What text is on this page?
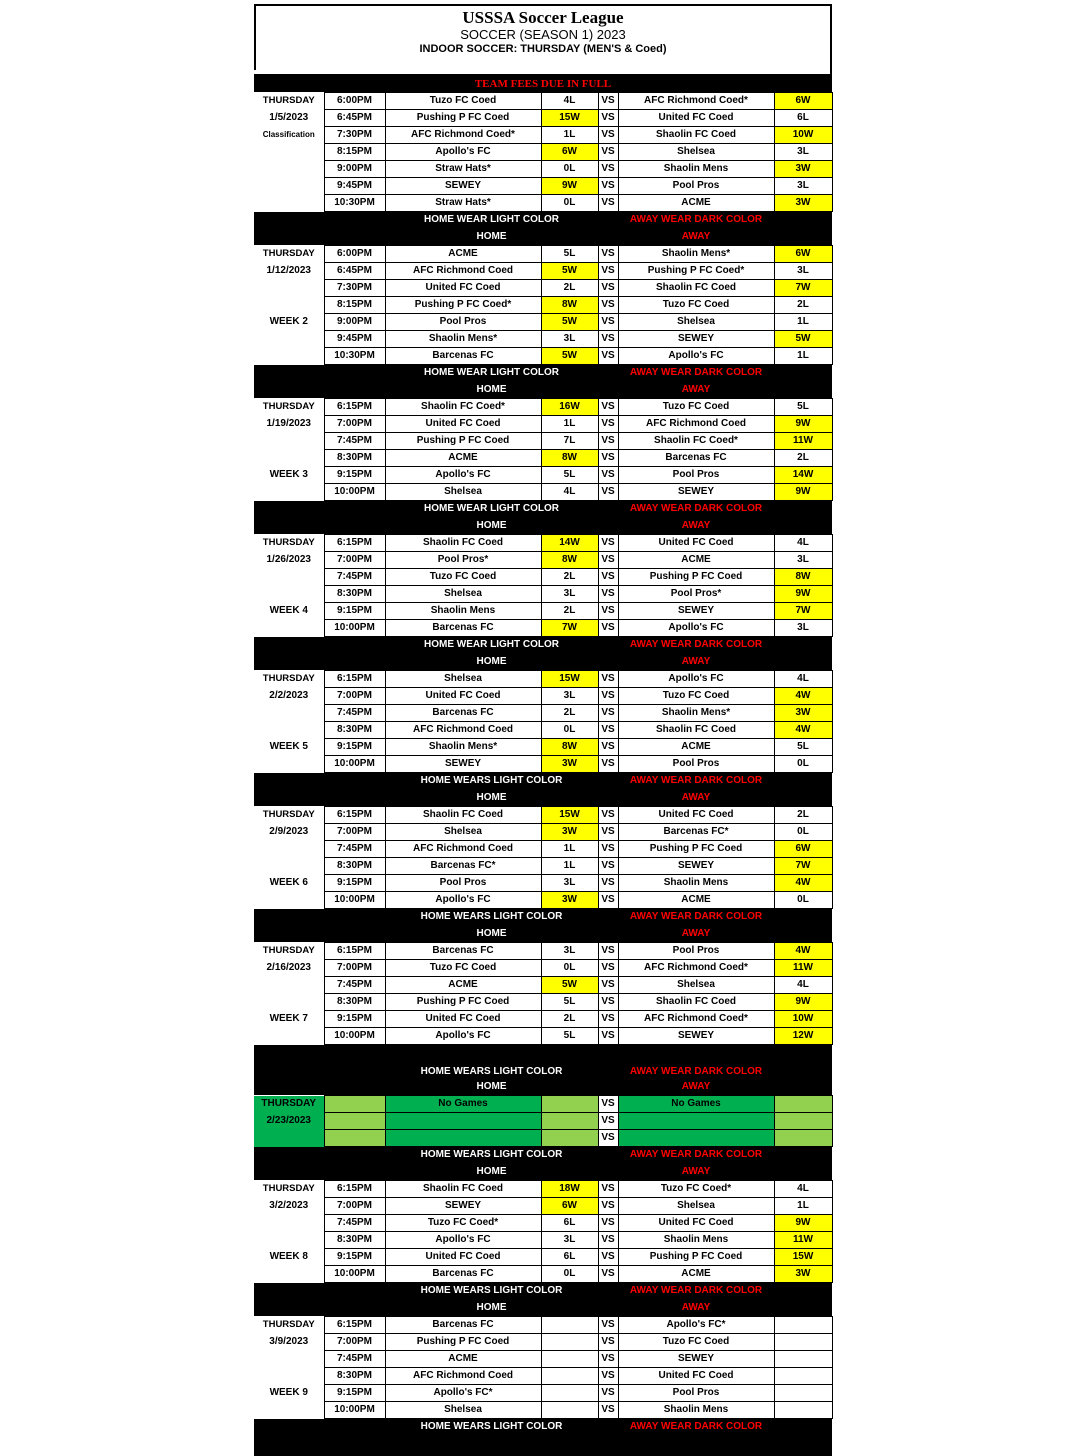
USSSA Soccer League
SOCCER (SEASON 1) 2023
INDOOR SOCCER: THURSDAY (MEN'S & Coed)
TEAM FEES DUE IN FULL
THURSDAY	6:00PM	Tuzo FC Coed	4L	VS	AFC Richmond Coed*	6W
1/5/2023	6:45PM	Pushing P FC Coed	15W	VS	United FC Coed	6L
Classification	7:30PM	AFC Richmond Coed*	1L	VS	Shaolin FC Coed	10W
	8:15PM	Apollo's FC	6W	VS	Shelsea	3L
	9:00PM	Straw Hats*	0L	VS	Shaolin Mens	3W
	9:45PM	SEWEY	9W	VS	Pool Pros	3L
	10:30PM	Straw Hats*	0L	VS	ACME	3W
		HOME WEAR LIGHT COLOR			AWAY WEAR DARK COLOR	
		HOME			AWAY	
THURSDAY	6:00PM	ACME	5L	VS	Shaolin Mens*	6W
1/12/2023	6:45PM	AFC Richmond Coed	5W	VS	Pushing P FC Coed*	3L
	7:30PM	United FC Coed	2L	VS	Shaolin FC Coed	7W
	8:15PM	Pushing P FC Coed*	8W	VS	Tuzo FC Coed	2L
WEEK 2	9:00PM	Pool Pros	5W	VS	Shelsea	1L
	9:45PM	Shaolin Mens*	3L	VS	SEWEY	5W
	10:30PM	Barcenas FC	5W	VS	Apollo's FC	1L
		HOME WEAR LIGHT COLOR			AWAY WEAR DARK COLOR	
		HOME			AWAY	
THURSDAY	6:15PM	Shaolin FC Coed*	16W	VS	Tuzo FC Coed	5L
1/19/2023	7:00PM	United FC Coed	1L	VS	AFC Richmond Coed	9W
	7:45PM	Pushing P FC Coed	7L	VS	Shaolin FC Coed*	11W
	8:30PM	ACME	8W	VS	Barcenas FC	2L
WEEK 3	9:15PM	Apollo's FC	5L	VS	Pool Pros	14W
	10:00PM	Shelsea	4L	VS	SEWEY	9W
		HOME WEAR LIGHT COLOR			AWAY WEAR DARK COLOR	
		HOME			AWAY	
THURSDAY	6:15PM	Shaolin FC Coed	14W	VS	United FC Coed	4L
1/26/2023	7:00PM	Pool Pros*	8W	VS	ACME	3L
	7:45PM	Tuzo FC Coed	2L	VS	Pushing P FC Coed	8W
	8:30PM	Shelsea	3L	VS	Pool Pros*	9W
WEEK 4	9:15PM	Shaolin Mens	2L	VS	SEWEY	7W
	10:00PM	Barcenas FC	7W	VS	Apollo's FC	3L
		HOME WEAR LIGHT COLOR			AWAY WEAR DARK COLOR	
		HOME			AWAY	
THURSDAY	6:15PM	Shelsea	15W	VS	Apollo's FC	4L
2/2/2023	7:00PM	United FC Coed	3L	VS	Tuzo FC Coed	4W
	7:45PM	Barcenas FC	2L	VS	Shaolin Mens*	3W
	8:30PM	AFC Richmond Coed	0L	VS	Shaolin FC Coed	4W
WEEK 5	9:15PM	Shaolin Mens*	8W	VS	ACME	5L
	10:00PM	SEWEY	3W	VS	Pool Pros	0L
		HOME WEARS LIGHT COLOR			AWAY WEAR DARK COLOR	
		HOME			AWAY	
THURSDAY	6:15PM	Shaolin FC Coed	15W	VS	United FC Coed	2L
2/9/2023	7:00PM	Shelsea	3W	VS	Barcenas FC*	0L
	7:45PM	AFC Richmond Coed	1L	VS	Pushing P FC Coed	6W
	8:30PM	Barcenas FC*	1L	VS	SEWEY	7W
WEEK 6	9:15PM	Pool Pros	3L	VS	Shaolin Mens	4W
	10:00PM	Apollo's FC	3W	VS	ACME	0L
		HOME WEARS LIGHT COLOR			AWAY WEAR DARK COLOR	
		HOME			AWAY	
THURSDAY	6:15PM	Barcenas FC	3L	VS	Pool Pros	4W
2/16/2023	7:00PM	Tuzo FC Coed	0L	VS	AFC Richmond Coed*	11W
	7:45PM	ACME	5W	VS	Shelsea	4L
	8:30PM	Pushing P FC Coed	5L	VS	Shaolin FC Coed	9W
WEEK 7	9:15PM	United FC Coed	2L	VS	AFC Richmond Coed*	10W
	10:00PM	Apollo's FC	5L	VS	SEWEY	12W
		HOME WEARS LIGHT COLOR			AWAY WEAR DARK COLOR	
		HOME			AWAY	
THURSDAY		No Games		VS	No Games	
2/23/2023				VS		
				VS		
		HOME WEARS LIGHT COLOR			AWAY WEAR DARK COLOR	
		HOME			AWAY	
THURSDAY	6:15PM	Shaolin FC Coed	18W	VS	Tuzo FC Coed*	4L
3/2/2023	7:00PM	SEWEY	6W	VS	Shelsea	1L
	7:45PM	Tuzo FC Coed*	6L	VS	United FC Coed	9W
	8:30PM	Apollo's FC	3L	VS	Shaolin Mens	11W
WEEK 8	9:15PM	United FC Coed	6L	VS	Pushing P FC Coed	15W
	10:00PM	Barcenas FC	0L	VS	ACME	3W
		HOME WEARS LIGHT COLOR			AWAY WEAR DARK COLOR	
		HOME			AWAY	
THURSDAY	6:15PM	Barcenas FC		VS	Apollo's FC*	
3/9/2023	7:00PM	Pushing P FC Coed		VS	Tuzo FC Coed	
	7:45PM	ACME		VS	SEWEY	
	8:30PM	AFC Richmond Coed		VS	United FC Coed	
WEEK 9	9:15PM	Apollo's FC*		VS	Pool Pros	
	10:00PM	Shelsea		VS	Shaolin Mens	
		HOME WEARS LIGHT COLOR			AWAY WEAR DARK COLOR	
